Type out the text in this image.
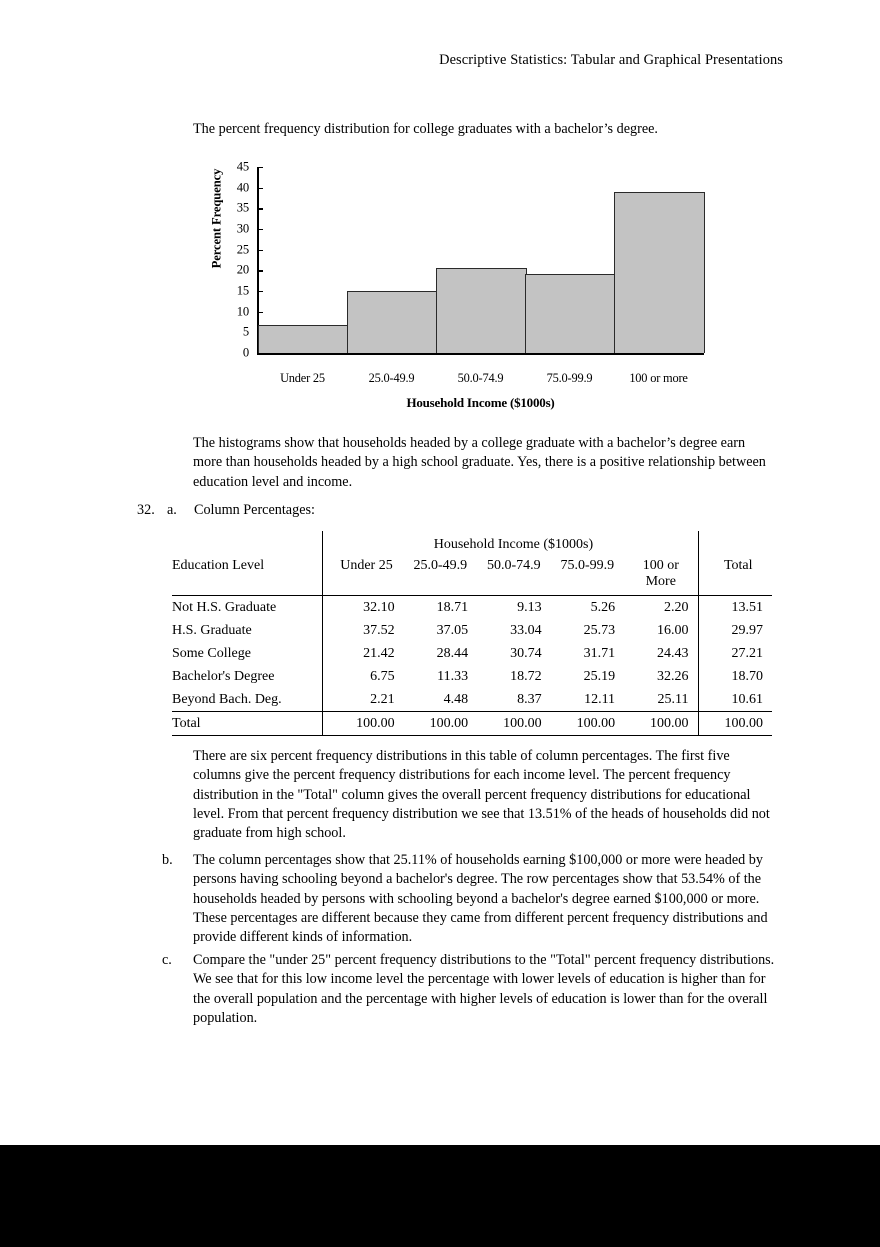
Descriptive Statistics: Tabular and Graphical Presentations
The percent frequency distribution for college graduates with a bachelor’s degree.
Percent Frequency
0
5
10
15
20
25
30
35
40
45
Under 25	25.0-49.9	50.0-74.9	75.0-99.9	100 or more
Household Income ($1000s)
The histograms show that households headed by a college graduate with a bachelor’s degree earn more than households headed by a high school graduate. Yes, there is a positive relationship between education level and income.
32. a. Column Percentages:
	Household Income ($1000s)					
Education Level	Under 25	25.0-49.9	50.0-74.9	75.0-99.9	100 or
More	Total
Not H.S. Graduate	32.10	18.71	9.13	5.26	2.20	13.51
H.S. Graduate	37.52	37.05	33.04	25.73	16.00	29.97
Some College	21.42	28.44	30.74	31.71	24.43	27.21
Bachelor's Degree	6.75	11.33	18.72	25.19	32.26	18.70
Beyond Bach. Deg.	2.21	4.48	8.37	12.11	25.11	10.61
Total	100.00	100.00	100.00	100.00	100.00	100.00
There are six percent frequency distributions in this table of column percentages. The first five columns give the percent frequency distributions for each income level. The percent frequency distribution in the "Total" column gives the overall percent frequency distributions for educational level. From that percent frequency distribution we see that 13.51% of the heads of households did not graduate from high school.
b.	The column percentages show that 25.11% of households earning $100,000 or more were headed by persons having schooling beyond a bachelor's degree. The row percentages show that 53.54% of the households headed by persons with schooling beyond a bachelor's degree earned $100,000 or more. These percentages are different because they came from different percent frequency distributions and provide different kinds of information.
c.	Compare the "under 25" percent frequency distributions to the "Total" percent frequency distributions. We see that for this low income level the percentage with lower levels of education is higher than for the overall population and the percentage with higher levels of education is lower than for the overall population.
